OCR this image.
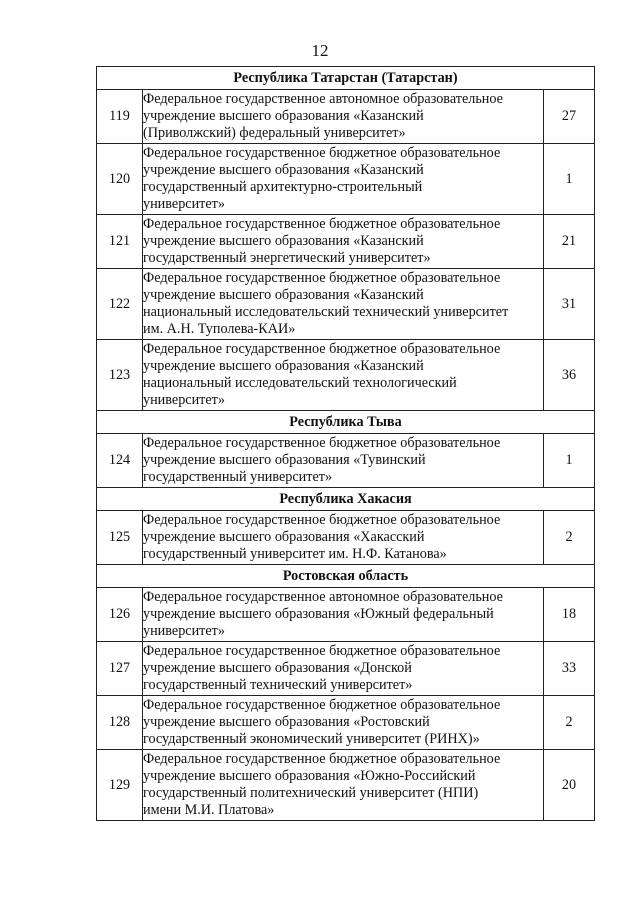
12
Республика Татарстан (Татарстан)		
119	Федеральное государственное автономное образовательное
учреждение высшего образования «Казанский
(Приволжский) федеральный университет»	27
120	Федеральное государственное бюджетное образовательное
учреждение высшего образования «Казанский
государственный архитектурно-строительный
университет»	1
121	Федеральное государственное бюджетное образовательное
учреждение высшего образования «Казанский
государственный энергетический университет»	21
122	Федеральное государственное бюджетное образовательное
учреждение высшего образования «Казанский
национальный исследовательский технический университет
им. А.Н. Туполева-КАИ»	31
123	Федеральное государственное бюджетное образовательное
учреждение высшего образования «Казанский
национальный исследовательский технологический
университет»	36
Республика Тыва		
124	Федеральное государственное бюджетное образовательное
учреждение высшего образования «Тувинский
государственный университет»	1
Республика Хакасия		
125	Федеральное государственное бюджетное образовательное
учреждение высшего образования «Хакасский
государственный университет им. Н.Ф. Катанова»	2
Ростовская область		
126	Федеральное государственное автономное образовательное
учреждение высшего образования «Южный федеральный
университет»	18
127	Федеральное государственное бюджетное образовательное
учреждение высшего образования «Донской
государственный технический университет»	33
128	Федеральное государственное бюджетное образовательное
учреждение высшего образования «Ростовский
государственный экономический университет (РИНХ)»	2
129	Федеральное государственное бюджетное образовательное
учреждение высшего образования «Южно-Российский
государственный политехнический университет (НПИ)
имени М.И. Платова»	20
